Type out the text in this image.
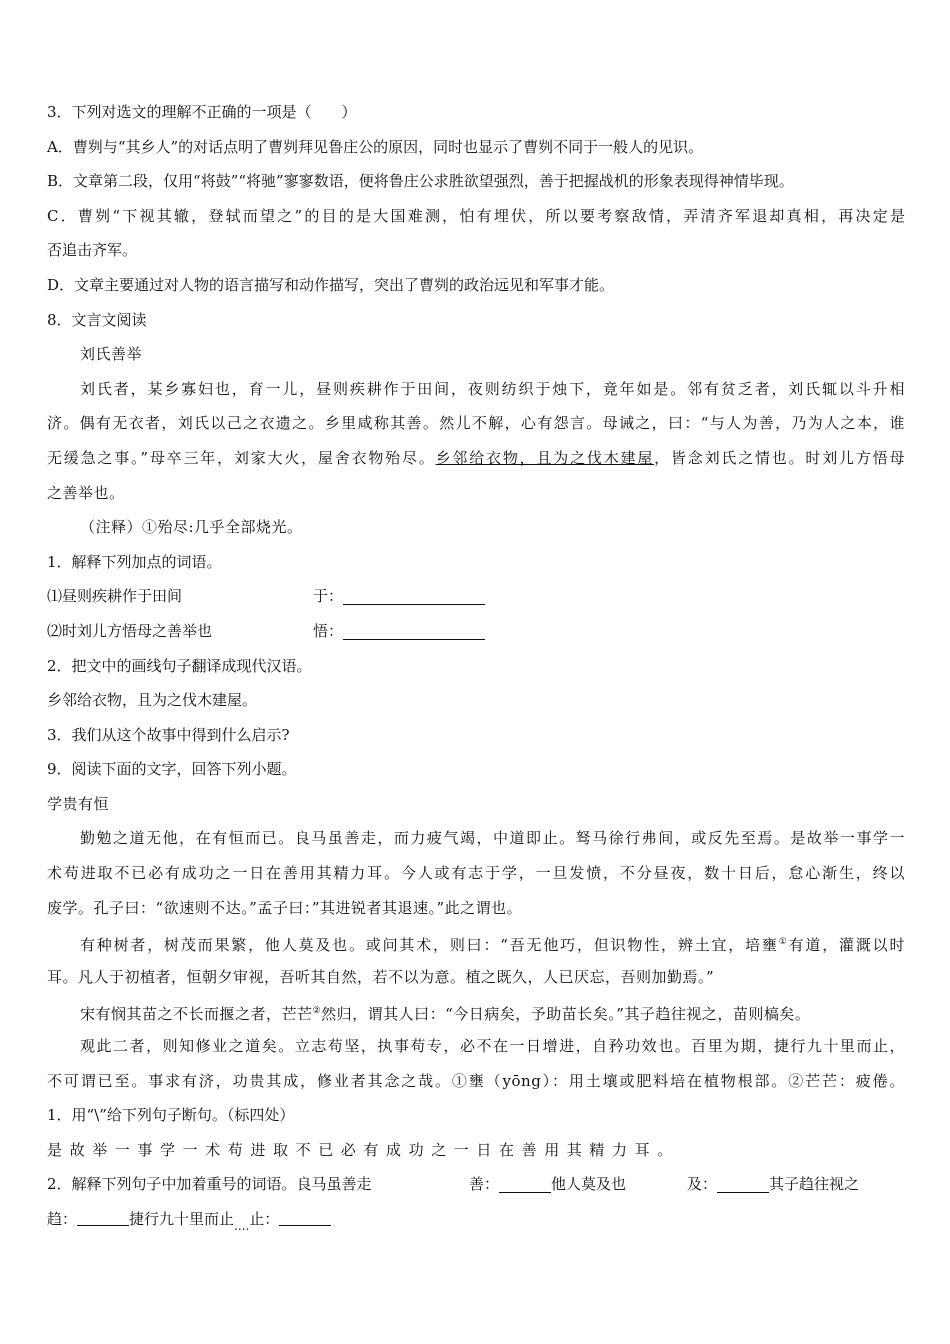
3．下列对选文的理解不正确的一项是（　　）
A．曹刿与“其乡人”的对话点明了曹刿拜见鲁庄公的原因，同时也显示了曹刿不同于一般人的见识。
B．文章第二段，仅用“将鼓”“将驰”寥寥数语，便将鲁庄公求胜欲望强烈，善于把握战机的形象表现得神情毕现。
C．曹刿“下视其辙，登轼而望之”的目的是大国难测，怕有埋伏，所以要考察敌情，弄清齐军退却真相，再决定是
否追击齐军。
D．文章主要通过对人物的语言描写和动作描写，突出了曹刿的政治远见和军事才能。
8．文言文阅读
刘氏善举
刘氏者，某乡寡妇也，育一儿，昼则疾耕作于田间，夜则纺织于烛下，竟年如是。邻有贫乏者，刘氏辄以斗升相
济。偶有无衣者，刘氏以己之衣遗之。乡里咸称其善。然儿不解，心有怨言。母诫之，曰：“与人为善，乃为人之本，谁
无缓急之事。”母卒三年，刘家大火，屋舍衣物殆尽。乡邻给衣物，且为之伐木建屋，皆念刘氏之情也。时刘儿方悟母
之善举也。
（注释）①殆尽:几乎全部烧光。
1．解释下列加点的词语。
⑴昼则疾耕作于田间	于：
⑵时刘儿方悟母之善举也	悟：
2．把文中的画线句子翻译成现代汉语。
乡邻给衣物，且为之伐木建屋。
3．我们从这个故事中得到什么启示?
9．阅读下面的文字，回答下列小题。
学贵有恒
勤勉之道无他，在有恒而已。良马虽善走，而力疲气竭，中道即止。驽马徐行弗间，或反先至焉。是故举一事学一
术苟进取不已必有成功之一日在善用其精力耳。今人或有志于学，一旦发愤，不分昼夜，数十日后，怠心渐生，终以
废学。孔子曰：“欲速则不达。”孟子曰：”其进锐者其退速。”此之谓也。
有种树者，树茂而果繁，他人莫及也。或问其术，则曰：“吾无他巧，但识物性，辨土宜，培壅①有道，灌溉以时
耳。凡人于初植者，恒朝夕审视，吾听其自然，若不以为意。植之既久，人已厌忘，吾则加勤焉。”
宋有悯其苗之不长而揠之者，芒芒②然归，谓其人曰：“今日病矣，予助苗长矣。”其子趋往视之，苗则槁矣。
观此二者，则知修业之道矣。立志苟坚，执事苟专，必不在一日增进，自矜功效也。百里为期，捷行九十里而止，
不可谓已至。事求有济，功贵其成，修业者其念之哉。①壅（yōng）：用土壤或肥料培在植物根部。②芒芒：疲倦。
1．用“\”给下列句子断句。（标四处）
是故举一事学一术苟进取不已必有成功之一日在善用其精力耳。
2．解释下列句子中加着重号的词语。良马虽善走	善：	他人莫及也	及：	其子趋往视之
趋：	捷行九十里而止$_{....}$止：
